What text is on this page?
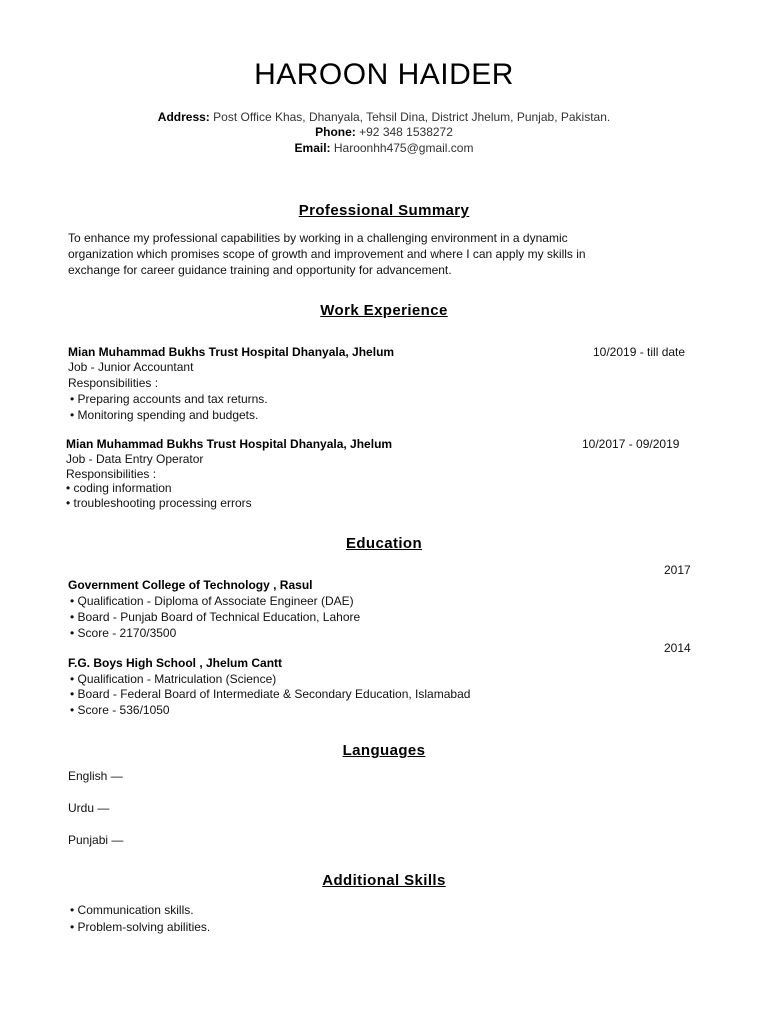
HAROON HAIDER
Address: Post Office Khas, Dhanyala, Tehsil Dina, District Jhelum, Punjab, Pakistan.
Phone: +92 348 1538272
Email: Haroonhh475@gmail.com
Professional Summary
To enhance my professional capabilities by working in a challenging environment in a dynamic organization which promises scope of growth and improvement and where I can apply my skills in exchange for career guidance training and opportunity for advancement.
Work Experience
Mian Muhammad Bukhs Trust Hospital Dhanyala, Jhelum	10/2019 - till date
Job - Junior Accountant
Responsibilities :
• Preparing accounts and tax returns.
• Monitoring spending and budgets.
Mian Muhammad Bukhs Trust Hospital Dhanyala, Jhelum	10/2017 - 09/2019
Job - Data Entry Operator
Responsibilities :
• coding information
• troubleshooting processing errors
Education
2017
Government College of Technology , Rasul
• Qualification - Diploma of Associate Engineer (DAE)
• Board - Punjab Board of Technical Education, Lahore
• Score - 2170/3500
2014
F.G. Boys High School , Jhelum Cantt
• Qualification - Matriculation (Science)
• Board - Federal Board of Intermediate & Secondary Education, Islamabad
• Score - 536/1050
Languages
English —
Urdu —
Punjabi —
Additional Skills
• Communication skills.
• Problem-solving abilities.
